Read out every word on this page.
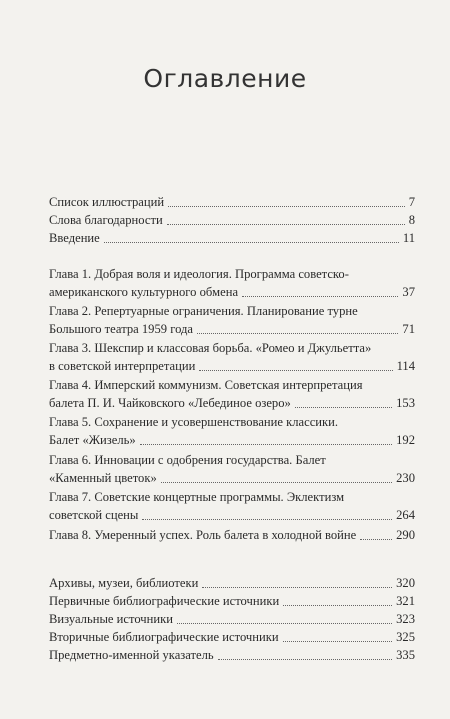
Оглавление
Список иллюстраций	7
Слова благодарности	8
Введение	11
Глава 1. Добрая воля и идеология. Программа советско-
американского культурного обмена	37
Глава 2. Репертуарные ограничения. Планирование турне
Большого театра 1959 года	71
Глава 3. Шекспир и классовая борьба. «Ромео и Джульетта»
в советской интерпретации	114
Глава 4. Имперский коммунизм. Советская интерпретация
балета П. И. Чайковского «Лебединое озеро»	153
Глава 5. Сохранение и усовершенствование классики.
Балет «Жизель»	192
Глава 6. Инновации с одобрения государства. Балет
«Каменный цветок»	230
Глава 7. Советские концертные программы. Эклектизм
советской сцены	264
Глава 8. Умеренный успех. Роль балета в холодной войне	290
Архивы, музеи, библиотеки	320
Первичные библиографические источники	321
Визуальные источники	323
Вторичные библиографические источники	325
Предметно-именной указатель	335
